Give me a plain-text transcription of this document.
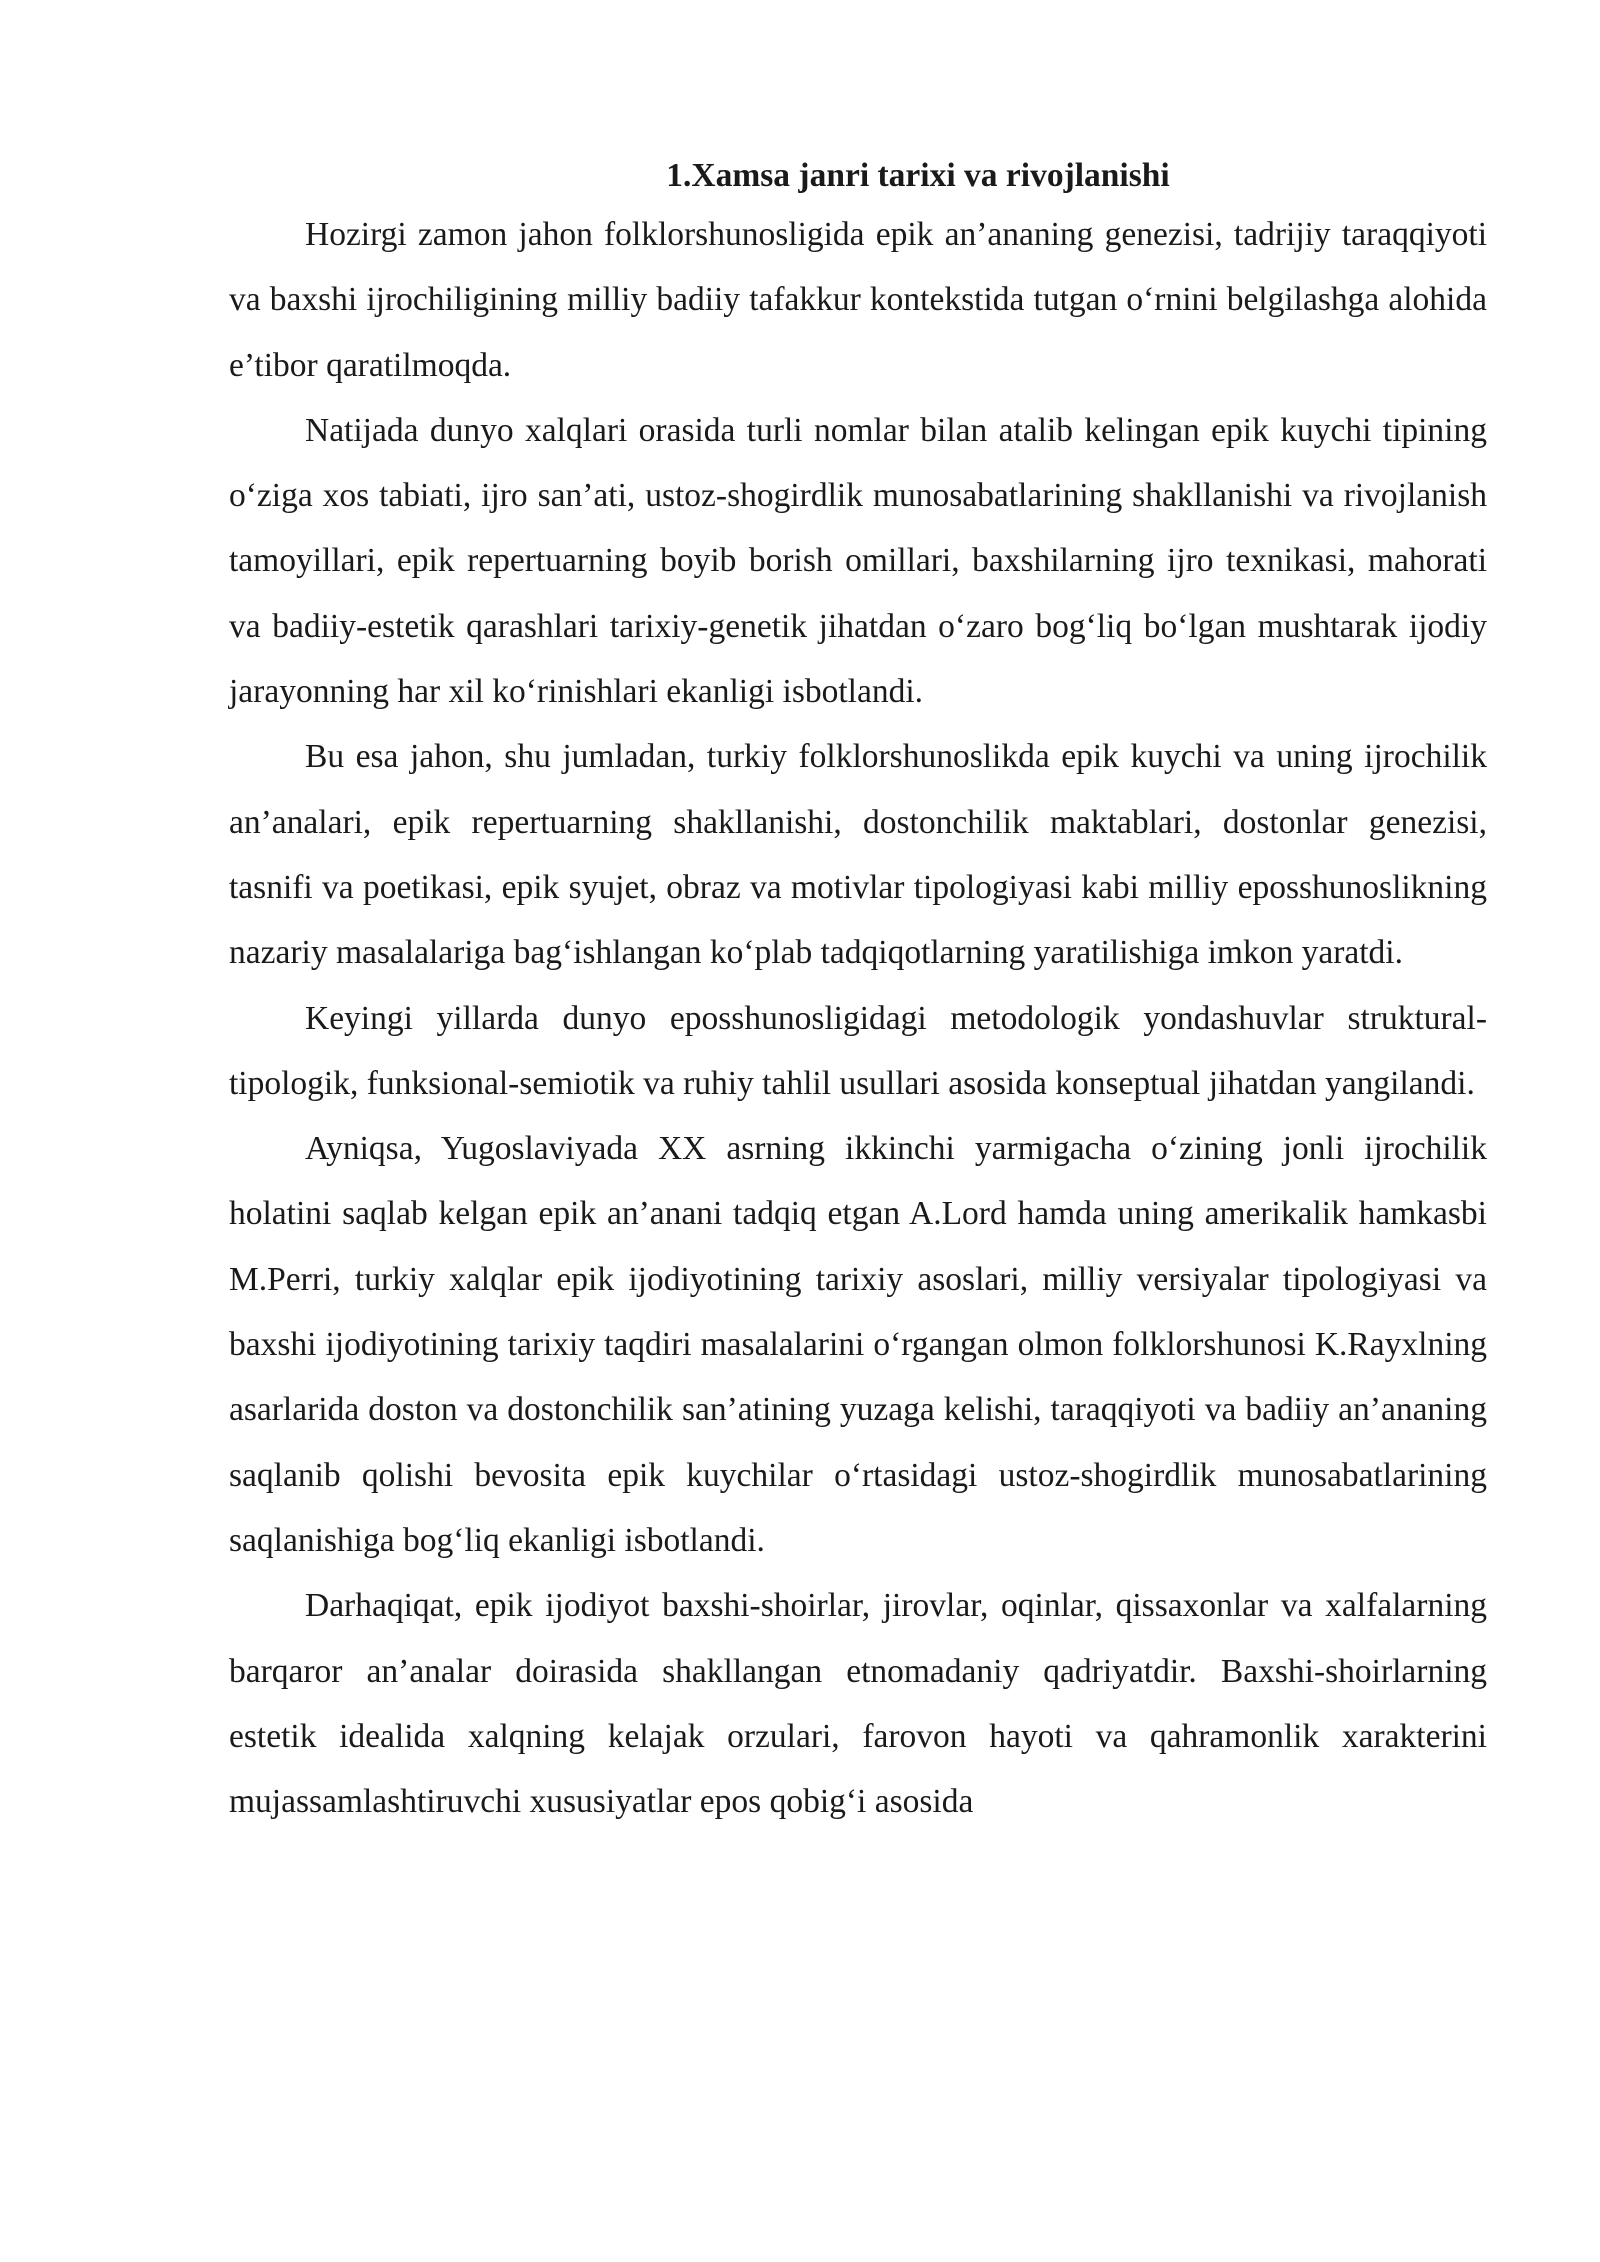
1.Xamsa janri tarixi va rivojlanishi

Hozirgi zamon jahon folklorshunosligida epik an’ananing genezisi, tadrijiy taraqqiyoti va baxshi ijrochiligining milliy badiiy tafakkur kontekstida tutgan o‘rnini belgilashga alohida e’tibor qaratilmoqda.

Natijada dunyo xalqlari orasida turli nomlar bilan atalib kelingan epik kuychi tipining o‘ziga xos tabiati, ijro san’ati, ustoz-shogirdlik munosabatlarining shakllanishi va rivojlanish tamoyillari, epik repertuarning boyib borish omillari, baxshilarning ijro texnikasi, mahorati va badiiy-estetik qarashlari tarixiy-genetik jihatdan o‘zaro bog‘liq bo‘lgan mushtarak ijodiy jarayonning har xil ko‘rinishlari ekanligi isbotlandi.

Bu esa jahon, shu jumladan, turkiy folklorshunoslikda epik kuychi va uning ijrochilik an’analari, epik repertuarning shakllanishi, dostonchilik maktablari, dostonlar genezisi, tasnifi va poetikasi, epik syujet, obraz va motivlar tipologiyasi kabi milliy eposshunoslikning nazariy masalalariga bag‘ishlangan ko‘plab tadqiqotlarning yaratilishiga imkon yaratdi.

Keyingi yillarda dunyo eposshunosligidagi metodologik yondashuvlar struktural-tipologik, funksional-semiotik va ruhiy tahlil usullari asosida konseptual jihatdan yangilandi.

Ayniqsa, Yugoslaviyada XX asrning ikkinchi yarmigacha o‘zining jonli ijrochilik holatini saqlab kelgan epik an’anani tadqiq etgan A.Lord hamda uning amerikalik hamkasbi M.Perri, turkiy xalqlar epik ijodiyotining tarixiy asoslari, milliy versiyalar tipologiyasi va baxshi ijodiyotining tarixiy taqdiri masalalarini o‘rgangan olmon folklorshunosi K.Rayxlning asarlarida doston va dostonchilik san’atining yuzaga kelishi, taraqqiyoti va badiiy an’ananing saqlanib qolishi bevosita epik kuychilar o‘rtasidagi ustoz-shogirdlik munosabatlarining saqlanishiga bog‘liq ekanligi isbotlandi.

Darhaqiqat, epik ijodiyot baxshi-shoirlar, jirovlar, oqinlar, qissaxonlar va xalfalarning barqaror an’analar doirasida shakllangan etnomadaniy qadriyatdir. Baxshi-shoirlarning estetik idealida xalqning kelajak orzulari, farovon hayoti va qahramonlik xarakterini mujassamlashtiruvchi xususiyatlar epos qobig‘i asosida
